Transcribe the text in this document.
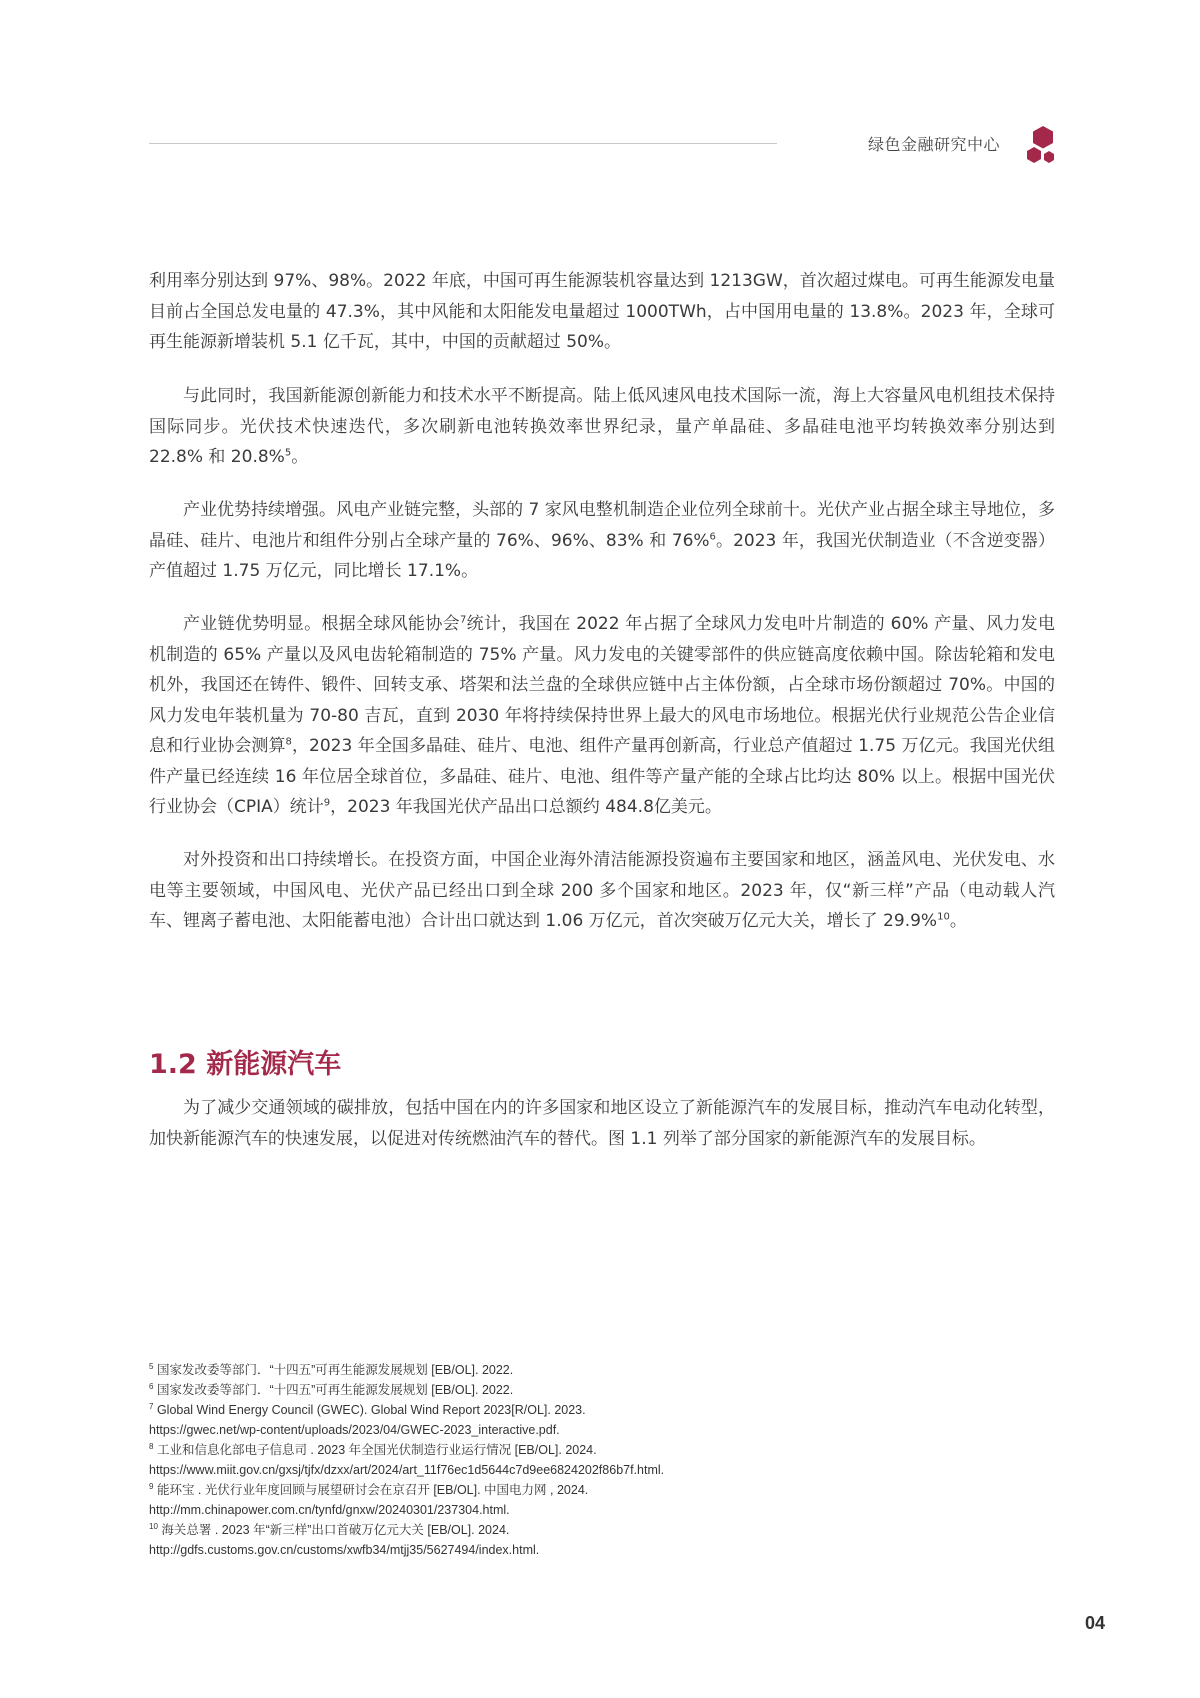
绿色金融研究中心

利用率分别达到 97%、98%。2022 年底，中国可再生能源装机容量达到 1213GW，首次超过煤电。可再生能源发电量目前占全国总发电量的 47.3%，其中风能和太阳能发电量超过 1000TWh，占中国用电量的 13.8%。2023 年，全球可再生能源新增装机 5.1 亿千瓦，其中，中国的贡献超过 50%。

与此同时，我国新能源创新能力和技术水平不断提高。陆上低风速风电技术国际一流，海上大容量风电机组技术保持国际同步。光伏技术快速迭代，多次刷新电池转换效率世界纪录，量产单晶硅、多晶硅电池平均转换效率分别达到 22.8% 和 20.8%$^5$。

产业优势持续增强。风电产业链完整，头部的 7 家风电整机制造企业位列全球前十。光伏产业占据全球主导地位，多晶硅、硅片、电池片和组件分别占全球产量的 76%、96%、83% 和 76%$^6$。2023 年，我国光伏制造业（不含逆变器）产值超过 1.75 万亿元，同比增长 17.1%。

产业链优势明显。根据全球风能协会$^7$统计，我国在 2022 年占据了全球风力发电叶片制造的 60% 产量、风力发电机制造的 65% 产量以及风电齿轮箱制造的 75% 产量。风力发电的关键零部件的供应链高度依赖中国。除齿轮箱和发电机外，我国还在铸件、锻件、回转支承、塔架和法兰盘的全球供应链中占主体份额，占全球市场份额超过 70%。中国的风力发电年装机量为 70-80 吉瓦，直到 2030 年将持续保持世界上最大的风电市场地位。根据光伏行业规范公告企业信息和行业协会测算$^8$，2023 年全国多晶硅、硅片、电池、组件产量再创新高，行业总产值超过 1.75 万亿元。我国光伏组件产量已经连续 16 年位居全球首位，多晶硅、硅片、电池、组件等产量产能的全球占比均达 80% 以上。根据中国光伏行业协会（CPIA）统计$^9$，2023 年我国光伏产品出口总额约 484.8亿美元。

对外投资和出口持续增长。在投资方面，中国企业海外清洁能源投资遍布主要国家和地区，涵盖风电、光伏发电、水电等主要领域，中国风电、光伏产品已经出口到全球 200 多个国家和地区。2023 年，仅“新三样”产品（电动载人汽车、锂离子蓄电池、太阳能蓄电池）合计出口就达到 1.06 万亿元，首次突破万亿元大关，增长了 29.9%$^{10}$。

1.2 新能源汽车

为了减少交通领域的碳排放，包括中国在内的许多国家和地区设立了新能源汽车的发展目标，推动汽车电动化转型，加快新能源汽车的快速发展，以促进对传统燃油汽车的替代。图 1.1 列举了部分国家的新能源汽车的发展目标。

$^5$ 国家发改委等部门．“十四五”可再生能源发展规划 [EB/OL]. 2022.
$^6$ 国家发改委等部门．“十四五”可再生能源发展规划 [EB/OL]. 2022.
$^7$ Global Wind Energy Council (GWEC). Global Wind Report 2023[R/OL]. 2023.
https://gwec.net/wp-content/uploads/2023/04/GWEC-2023_interactive.pdf.
$^8$ 工业和信息化部电子信息司 . 2023 年全国光伏制造行业运行情况 [EB/OL]. 2024.
https://www.miit.gov.cn/gxsj/tjfx/dzxx/art/2024/art_11f76ec1d5644c7d9ee6824202f86b7f.html.
$^9$ 能环宝 . 光伏行业年度回顾与展望研讨会在京召开 [EB/OL]. 中国电力网 , 2024.
http://mm.chinapower.com.cn/tynfd/gnxw/20240301/237304.html.
$^{10}$ 海关总署 . 2023 年“新三样”出口首破万亿元大关 [EB/OL]. 2024.
http://gdfs.customs.gov.cn/customs/xwfb34/mtjj35/5627494/index.html.
04
